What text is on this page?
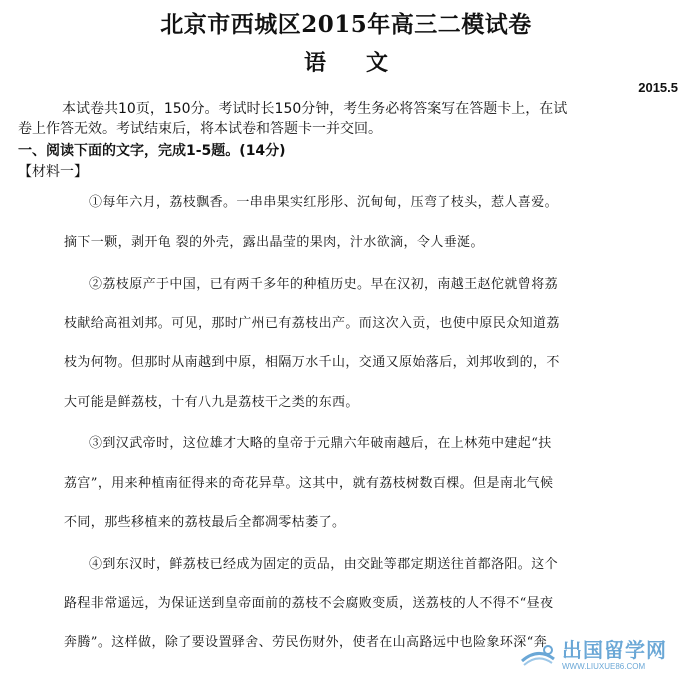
北京市西城区2015年高三二模试卷
语 文
2015.5
本试卷共10页，150分。考试时长150分钟，考生务必将答案写在答题卡上，在试
卷上作答无效。考试结束后，将本试卷和答题卡一并交回。
一、阅读下面的文字，完成1-5题。(14分)
【材料一】
①每年六月，荔枝飘香。一串串果实红彤彤、沉甸甸，压弯了枝头，惹人喜爱。
摘下一颗，剥开龟 裂的外壳，露出晶莹的果肉，汁水欲滴，令人垂涎。
②荔枝原产于中国，已有两千多年的种植历史。早在汉初，南越王赵佗就曾将荔
枝献给高祖刘邦。可见，那时广州已有荔枝出产。而这次入贡，也使中原民众知道荔
枝为何物。但那时从南越到中原，相隔万水千山，交通又原始落后，刘邦收到的，不
大可能是鲜荔枝，十有八九是荔枝干之类的东西。
③到汉武帝时，这位雄才大略的皇帝于元鼎六年破南越后，在上林苑中建起“扶
荔宫”，用来种植南征得来的奇花异草。这其中，就有荔枝树数百棵。但是南北气候
不同，那些移植来的荔枝最后全都凋零枯萎了。
④到东汉时，鲜荔枝已经成为固定的贡品，由交趾等郡定期送往首都洛阳。这个
路程非常遥远，为保证送到皇帝面前的荔枝不会腐败变质，送荔枝的人不得不“昼夜
奔腾”。这样做，除了要设置驿舍、劳民伤财外，使者在山高路远中也险象环深“奔 出国留学网
WWW.LIUXUE86.COM
